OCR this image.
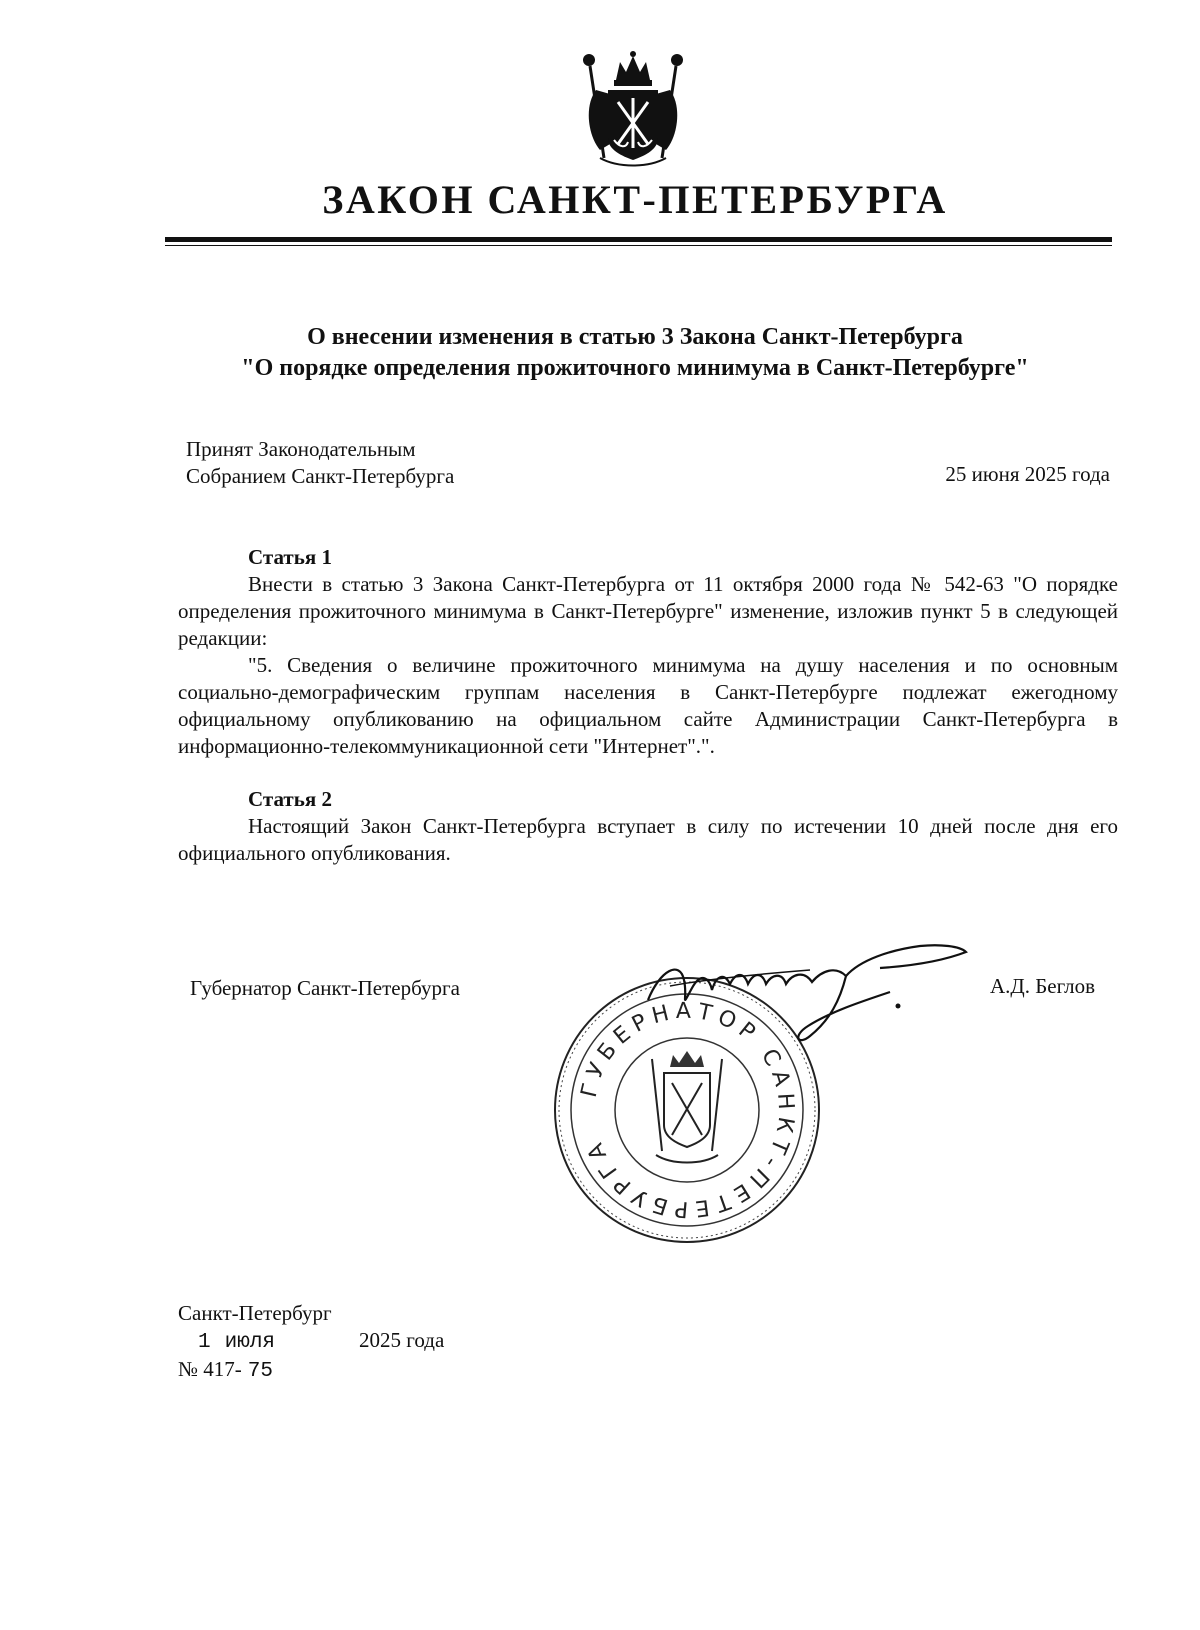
ЗАКОН САНКТ-ПЕТЕРБУРГА
О внесении изменения в статью 3 Закона Санкт-Петербурга
"О порядке определения прожиточного минимума в Санкт-Петербурге"
Принят Законодательным
Собранием Санкт-Петербурга	25 июня 2025 года
Статья 1

Внести в статью 3 Закона Санкт-Петербурга от 11 октября 2000 года № 542-63 "О порядке определения прожиточного минимума в Санкт-Петербурге" изменение, изложив пункт 5 в следующей редакции:

"5. Сведения о величине прожиточного минимума на душу населения и по основным социально-демографическим группам населения в Санкт-Петербурге подлежат ежегодному официальному опубликованию на официальном сайте Администрации Санкт-Петербурга в информационно-телекоммуникационной сети "Интернет".".

Статья 2

Настоящий Закон Санкт-Петербурга вступает в силу по истечении 10 дней после дня его официального опубликования.

Губернатор Санкт-Петербурга	А.Д. Беглов
ГУБЕРНАТОР САНКТ-ПЕТЕРБУРГА
Санкт-Петербург
1 июля	2025 года
№ 417- 75
